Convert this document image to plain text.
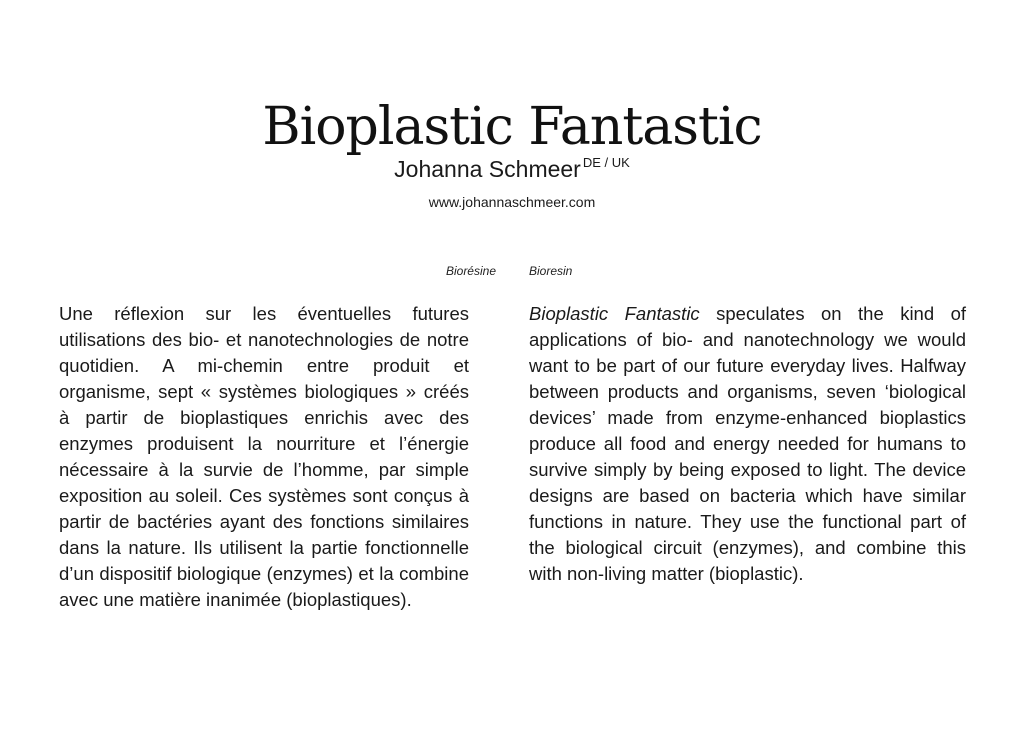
Bioplastic Fantastic
Johanna Schmeer $^{DE / UK}$
www.johannaschmeer.com
Biorésine	Bioresin
Une réflexion sur les éventuelles futures utilisations des bio- et nanotechnologies de notre quotidien. A mi-chemin entre produit et organisme, sept « systèmes biologiques » créés à partir de bioplastiques enrichis avec des enzymes produisent la nourriture et l’énergie nécessaire à la survie de l’homme, par simple exposition au soleil. Ces systèmes sont conçus à partir de bactéries ayant des fonctions similaires dans la nature. Ils utilisent la partie fonctionnelle d’un dispositif biologique (enzymes) et la combine avec une matière inanimée (bioplastiques).
Bioplastic Fantastic speculates on the kind of applications of bio- and nanotechnology we would want to be part of our future everyday lives. Halfway between products and organisms, seven ‘biological devices’ made from enzyme-enhanced bioplastics produce all food and energy needed for humans to survive simply by being exposed to light. The device designs are based on bacteria which have similar functions in nature. They use the functional part of the biological circuit (enzymes), and combine this with non-living matter (bioplastic).
